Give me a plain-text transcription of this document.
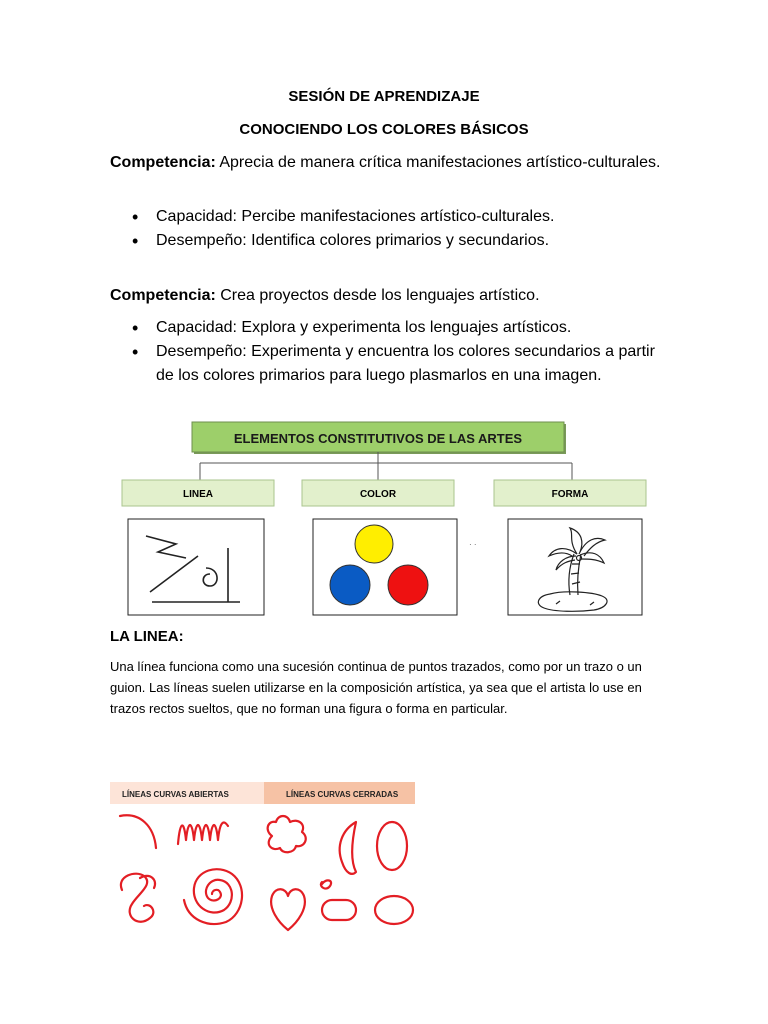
SESIÓN DE APRENDIZAJE
CONOCIENDO LOS COLORES BÁSICOS
Competencia: Aprecia de manera crítica manifestaciones artístico-culturales.
• Capacidad: Percibe manifestaciones artístico-culturales.
• Desempeño: Identifica colores primarios y secundarios.
Competencia: Crea proyectos desde los lenguajes artístico.
• Capacidad: Explora y experimenta los lenguajes artísticos.
• Desempeño: Experimenta y encuentra los colores secundarios a partir de los colores primarios para luego plasmarlos en una imagen.
ELEMENTOS CONSTITUTIVOS DE LAS ARTES
LINEA	COLOR	FORMA
· ·
LA LINEA:
Una línea funciona como una sucesión continua de puntos trazados, como por un trazo o un guion. Las líneas suelen utilizarse en la composición artística, ya sea que el artista lo use en trazos rectos sueltos, que no forman una figura o forma en particular.
LÍNEAS CURVAS ABIERTAS	LÍNEAS CURVAS CERRADAS
